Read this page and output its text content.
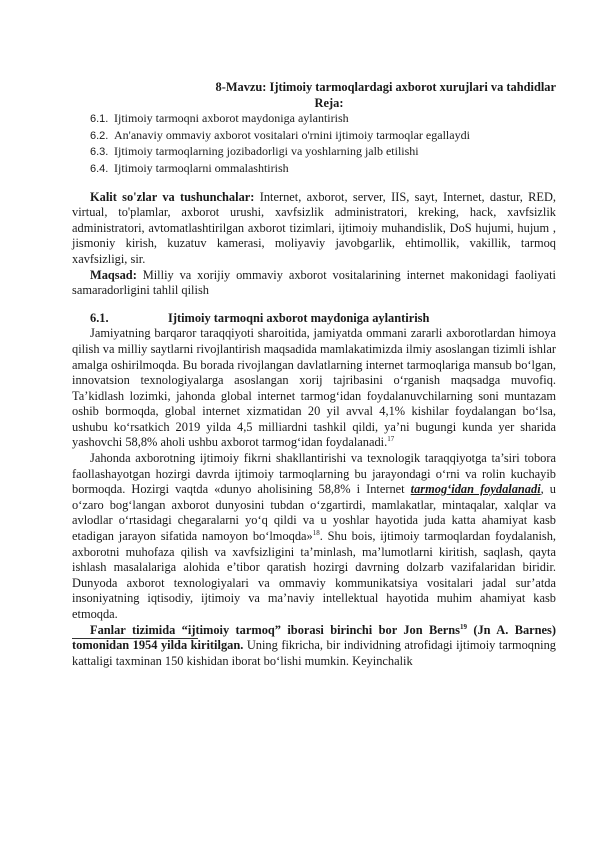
8-Mavzu: Ijtimoiy tarmoqlardagi axborot xurujlari va tahdidlar
Reja:
6.1. Ijtimoiy tarmoqni axborot maydoniga aylantirish
6.2. An'anaviy ommaviy axborot vositalari o'rnini ijtimoiy tarmoqlar egallaydi
6.3. Ijtimoiy tarmoqlarning jozibadorligi va yoshlarning jalb etilishi
6.4. Ijtimoiy tarmoqlarni ommalashtirish

Kalit so'zlar va tushunchalar: Internet, axborot, server, IIS, sayt, Internet, dastur, RED, virtual, to'plamlar, axborot urushi, xavfsizlik administratori, kreking, hack, xavfsizlik administratori, avtomatlashtirilgan axborot tizimlari, ijtimoiy muhandislik, DoS hujumi, hujum , jismoniy kirish, kuzatuv kamerasi, moliyaviy javobgarlik, ehtimollik, vakillik, tarmoq xavfsizligi, sir.

Maqsad: Milliy va xorijiy ommaviy axborot vositalarining internet makonidagi faoliyati samaradorligini tahlil qilish

6.1.	Ijtimoiy tarmoqni axborot maydoniga aylantirish

Jamiyatning barqaror taraqqiyoti sharoitida, jamiyatda ommani zararli axborotlardan himoya qilish va milliy saytlarni rivojlantirish maqsadida mamlakatimizda ilmiy asoslangan tizimli ishlar amalga oshirilmoqda. Bu borada rivojlangan davlatlarning internet tarmoqlariga mansub bo‘lgan, innovatsion texnologiyalarga asoslangan xorij tajribasini o‘rganish maqsadga muvofiq. Ta’kidlash lozimki, jahonda global internet tarmog‘idan foydalanuvchilarning soni muntazam oshib bormoqda, global internet xizmatidan 20 yil avval 4,1% kishilar foydalangan bo‘lsa, ushubu ko‘rsatkich 2019 yilda 4,5 milliardni tashkil qildi, ya’ni bugungi kunda yer sharida yashovchi 58,8% aholi ushbu axborot tarmog‘idan foydalanadi.$^{17}$

Jahonda axborotning ijtimoiy fikrni shakllantirishi va texnologik taraqqiyotga ta’siri tobora faollashayotgan hozirgi davrda ijtimoiy tarmoqlarning bu jarayondagi o‘rni va rolin kuchayib bormoqda. Hozirgi vaqtda «dunyo aholisining 58,8% i Internet tarmog‘idan foydalanadi, u o‘zaro bog‘langan axborot dunyosini tubdan o‘zgartirdi, mamlakatlar, mintaqalar, xalqlar va avlodlar o‘rtasidagi chegaralarni yo‘q qildi va u yoshlar hayotida juda katta ahamiyat kasb etadigan jarayon sifatida namoyon bo‘lmoqda»$^{18}$. Shu bois, ijtimoiy tarmoqlardan foydalanish, axborotni muhofaza qilish va xavfsizligini ta’minlash, ma’lumotlarni kiritish, saqlash, qayta ishlash masalalariga alohida e’tibor qaratish hozirgi davrning dolzarb vazifalaridan biridir. Dunyoda axborot texnologiyalari va ommaviy kommunikatsiya vositalari jadal sur’atda insoniyatning iqtisodiy, ijtimoiy va ma’naviy intellektual hayotida muhim ahamiyat kasb etmoqda.

Fanlar tizimida “ijtimoiy tarmoq” iborasi birinchi bor Jon Berns$^{19}$ (Jn A. Barnes) tomonidan 1954 yilda kiritilgan. Uning fikricha, bir individning atrofidagi ijtimoiy tarmoqning kattaligi taxminan 150 kishidan iborat bo‘lishi mumkin. Keyinchalik
